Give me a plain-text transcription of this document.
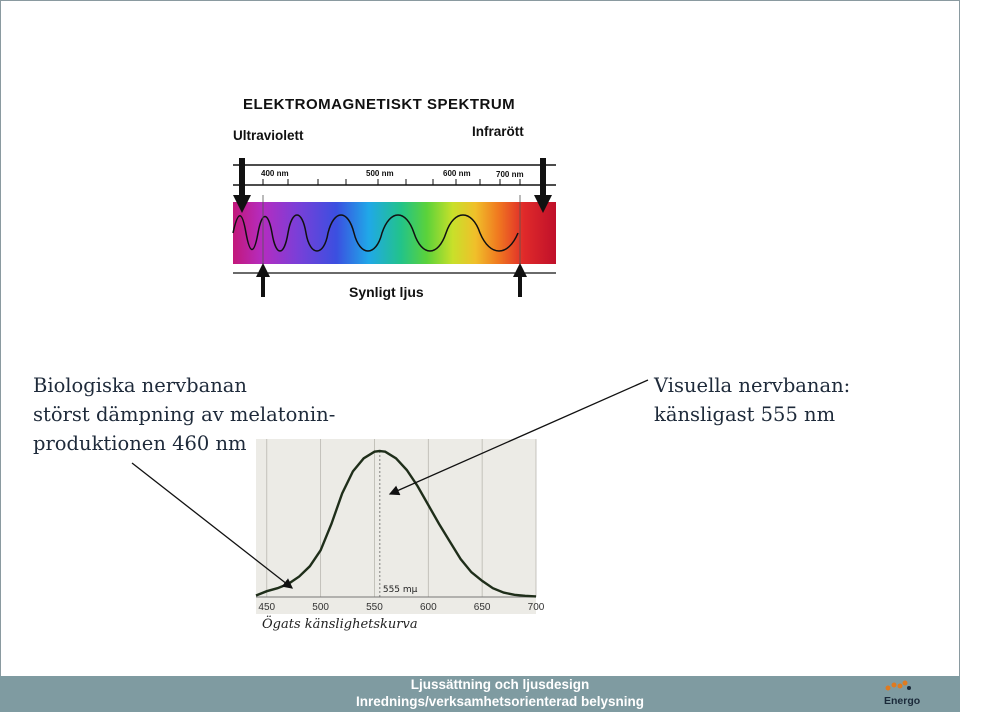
ELEKTROMAGNETISKT SPEKTRUM
Ultraviolett	Infrarött
400 nm	500 nm	600 nm	700 nm
Synligt ljus
Biologiska nervbanan
störst dämpning av melatonin-
produktionen 460 nm
Visuella nervbanan:
känsligast 555 nm
450	500	550	600	650	700
555 mμ
Ögats känslighetskurva
Ljussättning och ljusdesign
Inrednings/verksamhetsorienterad belysning	Energo
